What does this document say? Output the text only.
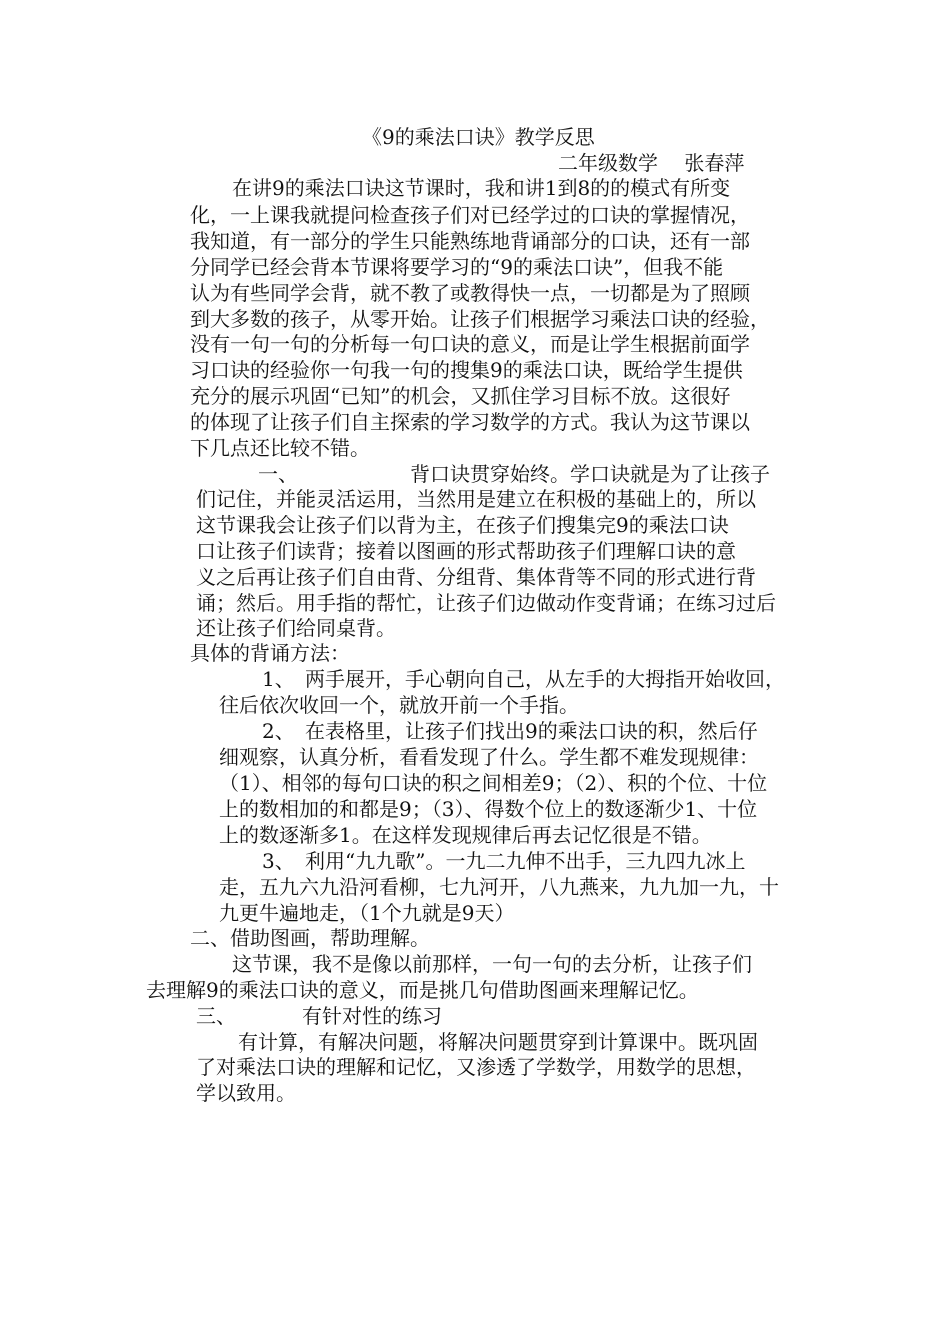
《9的乘法口诀》教学反思
二年级数学　 张春萍
在讲9的乘法口诀这节课时，我和讲1到8的的模式有所变
化，一上课我就提问检查孩子们对已经学过的口诀的掌握情况，
我知道，有一部分的学生只能熟练地背诵部分的口诀，还有一部
分同学已经会背本节课将要学习的“9的乘法口诀”，但我不能
认为有些同学会背，就不教了或教得快一点，一切都是为了照顾
到大多数的孩子，从零开始。让孩子们根据学习乘法口诀的经验，
没有一句一句的分析每一句口诀的意义，而是让学生根据前面学
习口诀的经验你一句我一句的搜集9的乘法口诀，既给学生提供
充分的展示巩固“已知”的机会，又抓住学习目标不放。这很好
的体现了让孩子们自主探索的学习数学的方式。我认为这节课以
下几点还比较不错。
一、	背口诀贯穿始终。学口诀就是为了让孩子
们记住，并能灵活运用，当然用是建立在积极的基础上的，所以
这节课我会让孩子们以背为主，在孩子们搜集完9的乘法口诀
口让孩子们读背；接着以图画的形式帮助孩子们理解口诀的意
义之后再让孩子们自由背、分组背、集体背等不同的形式进行背
诵；然后。用手指的帮忙，让孩子们边做动作变背诵；在练习过后
还让孩子们给同桌背。
具体的背诵方法：
1、 两手展开，手心朝向自己，从左手的大拇指开始收回，
往后依次收回一个，就放开前一个手指。
2、 在表格里，让孩子们找出9的乘法口诀的积，然后仔
细观察，认真分析，看看发现了什么。学生都不难发现规律：
（1）、相邻的每句口诀的积之间相差9；（2）、积的个位、十位
上的数相加的和都是9；（3）、得数个位上的数逐渐少1、十位
上的数逐渐多1。在这样发现规律后再去记忆很是不错。
3、 利用“九九歌”。一九二九伸不出手，三九四九冰上
走，五九六九沿河看柳，七九河开，八九燕来，九九加一九，十
九更牛遍地走，（1个九就是9天）
二、借助图画，帮助理解。
这节课，我不是像以前那样，一句一句的去分析，让孩子们
去理解9的乘法口诀的意义，而是挑几句借助图画来理解记忆。
三、	有针对性的练习
有计算，有解决问题，将解决问题贯穿到计算课中。既巩固
了对乘法口诀的理解和记忆，又渗透了学数学，用数学的思想，
学以致用。
